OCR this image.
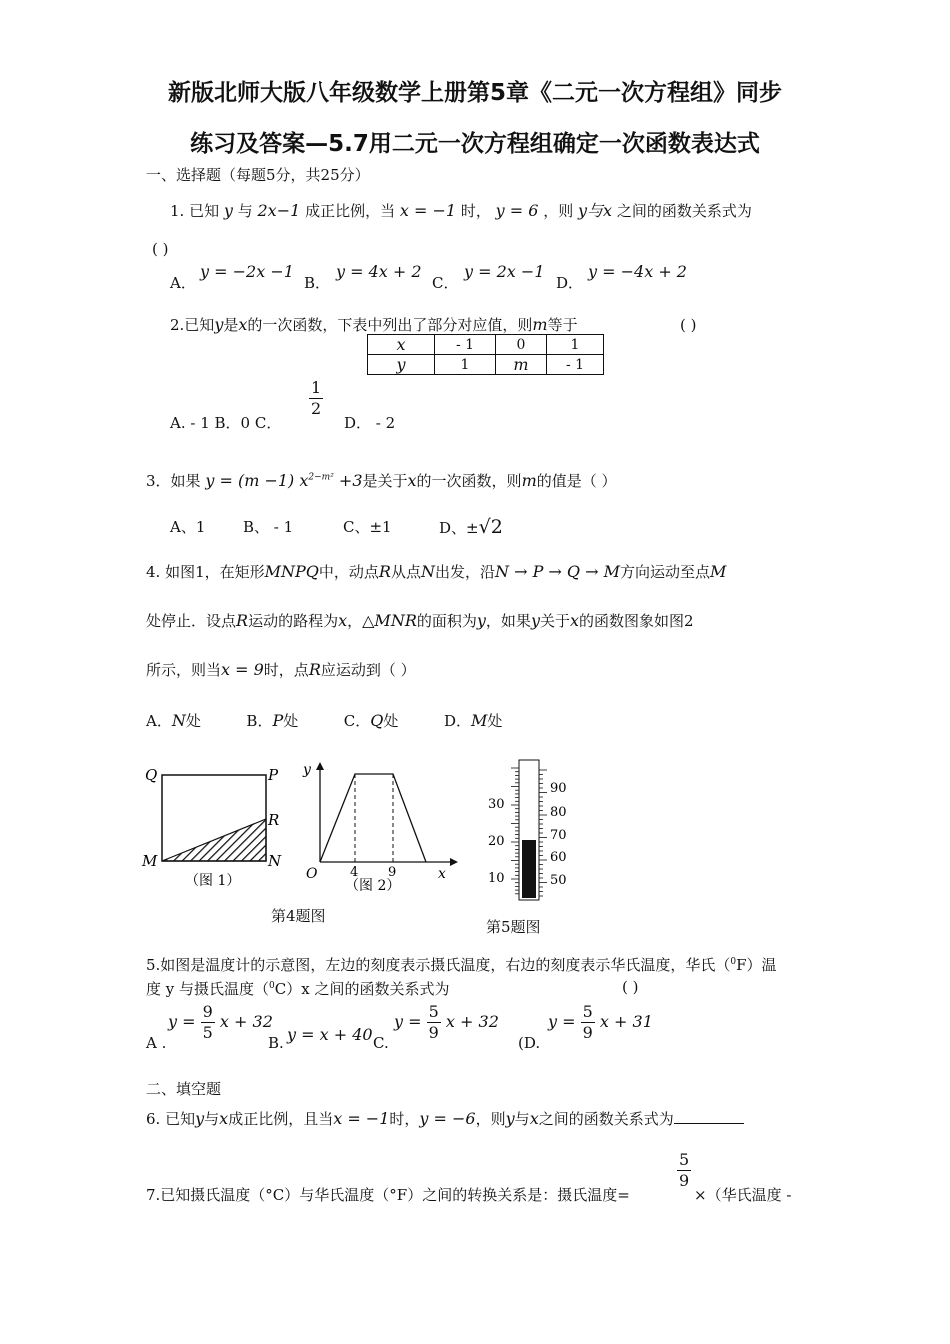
新版北师大版八年级数学上册第5章《二元一次方程组》同步
练习及答案—5.7用二元一次方程组确定一次函数表达式
一、选择题（每题5分，共25分）
1. 已知 y 与 2x−1 成正比例，当 x = −1 时， y = 6 ，则 y与x 之间的函数关系式为
( )
A．
y = −2x −1
B．
y = 4x + 2
C．
y = 2x −1
D．
y = −4x + 2
2.已知y是x的一次函数，下表中列出了部分对应值，则m等于	( )
x	- 1	0	1
y	1	m	- 1
A. - 1 B．0 C．
$\frac{1}{2}$
D． - 2
3．如果 y = (m −1) $x^{2-m^2} +3$是关于x的一次函数，则m的值是（ ）
A、1	B、 - 1	C、±1	D、±√2
4. 如图1，在矩形MNPQ中，动点R从点N出发，沿N → P → Q → M方向运动至点M
处停止．设点R运动的路程为x，△MNR的面积为y，如果y关于x的函数图象如图2
所示，则当x = 9时，点R应运动到（ ）
A．N处	B．P处	C．Q处	D．M处
Q	P
R
M	N
（图 1）
y
x
O	4 9
（图 2）
第4题图
30
20
10
90
80
70
60
50
第5题图
5.如图是温度计的示意图，左边的刻度表示摄氏温度，右边的刻度表示华氏温度，华氏（$^0$F）温
度 y 与摄氏温度（$^0$C）x 之间的函数关系式为	( )
A .
$y = \frac{9}{5}$ x + 32
B. y = x + 40 C.
$y = \frac{5}{9}$ x + 32
(D.
$y = \frac{5}{9}$ x + 31
二、填空题
6. 已知y与x成正比例，且当x = −1时，y = −6，则y与x之间的函数关系式为
7.已知摄氏温度（°C）与华氏温度（°F）之间的转换关系是：摄氏温度=
$\frac{5}{9}$
×（华氏温度 -
